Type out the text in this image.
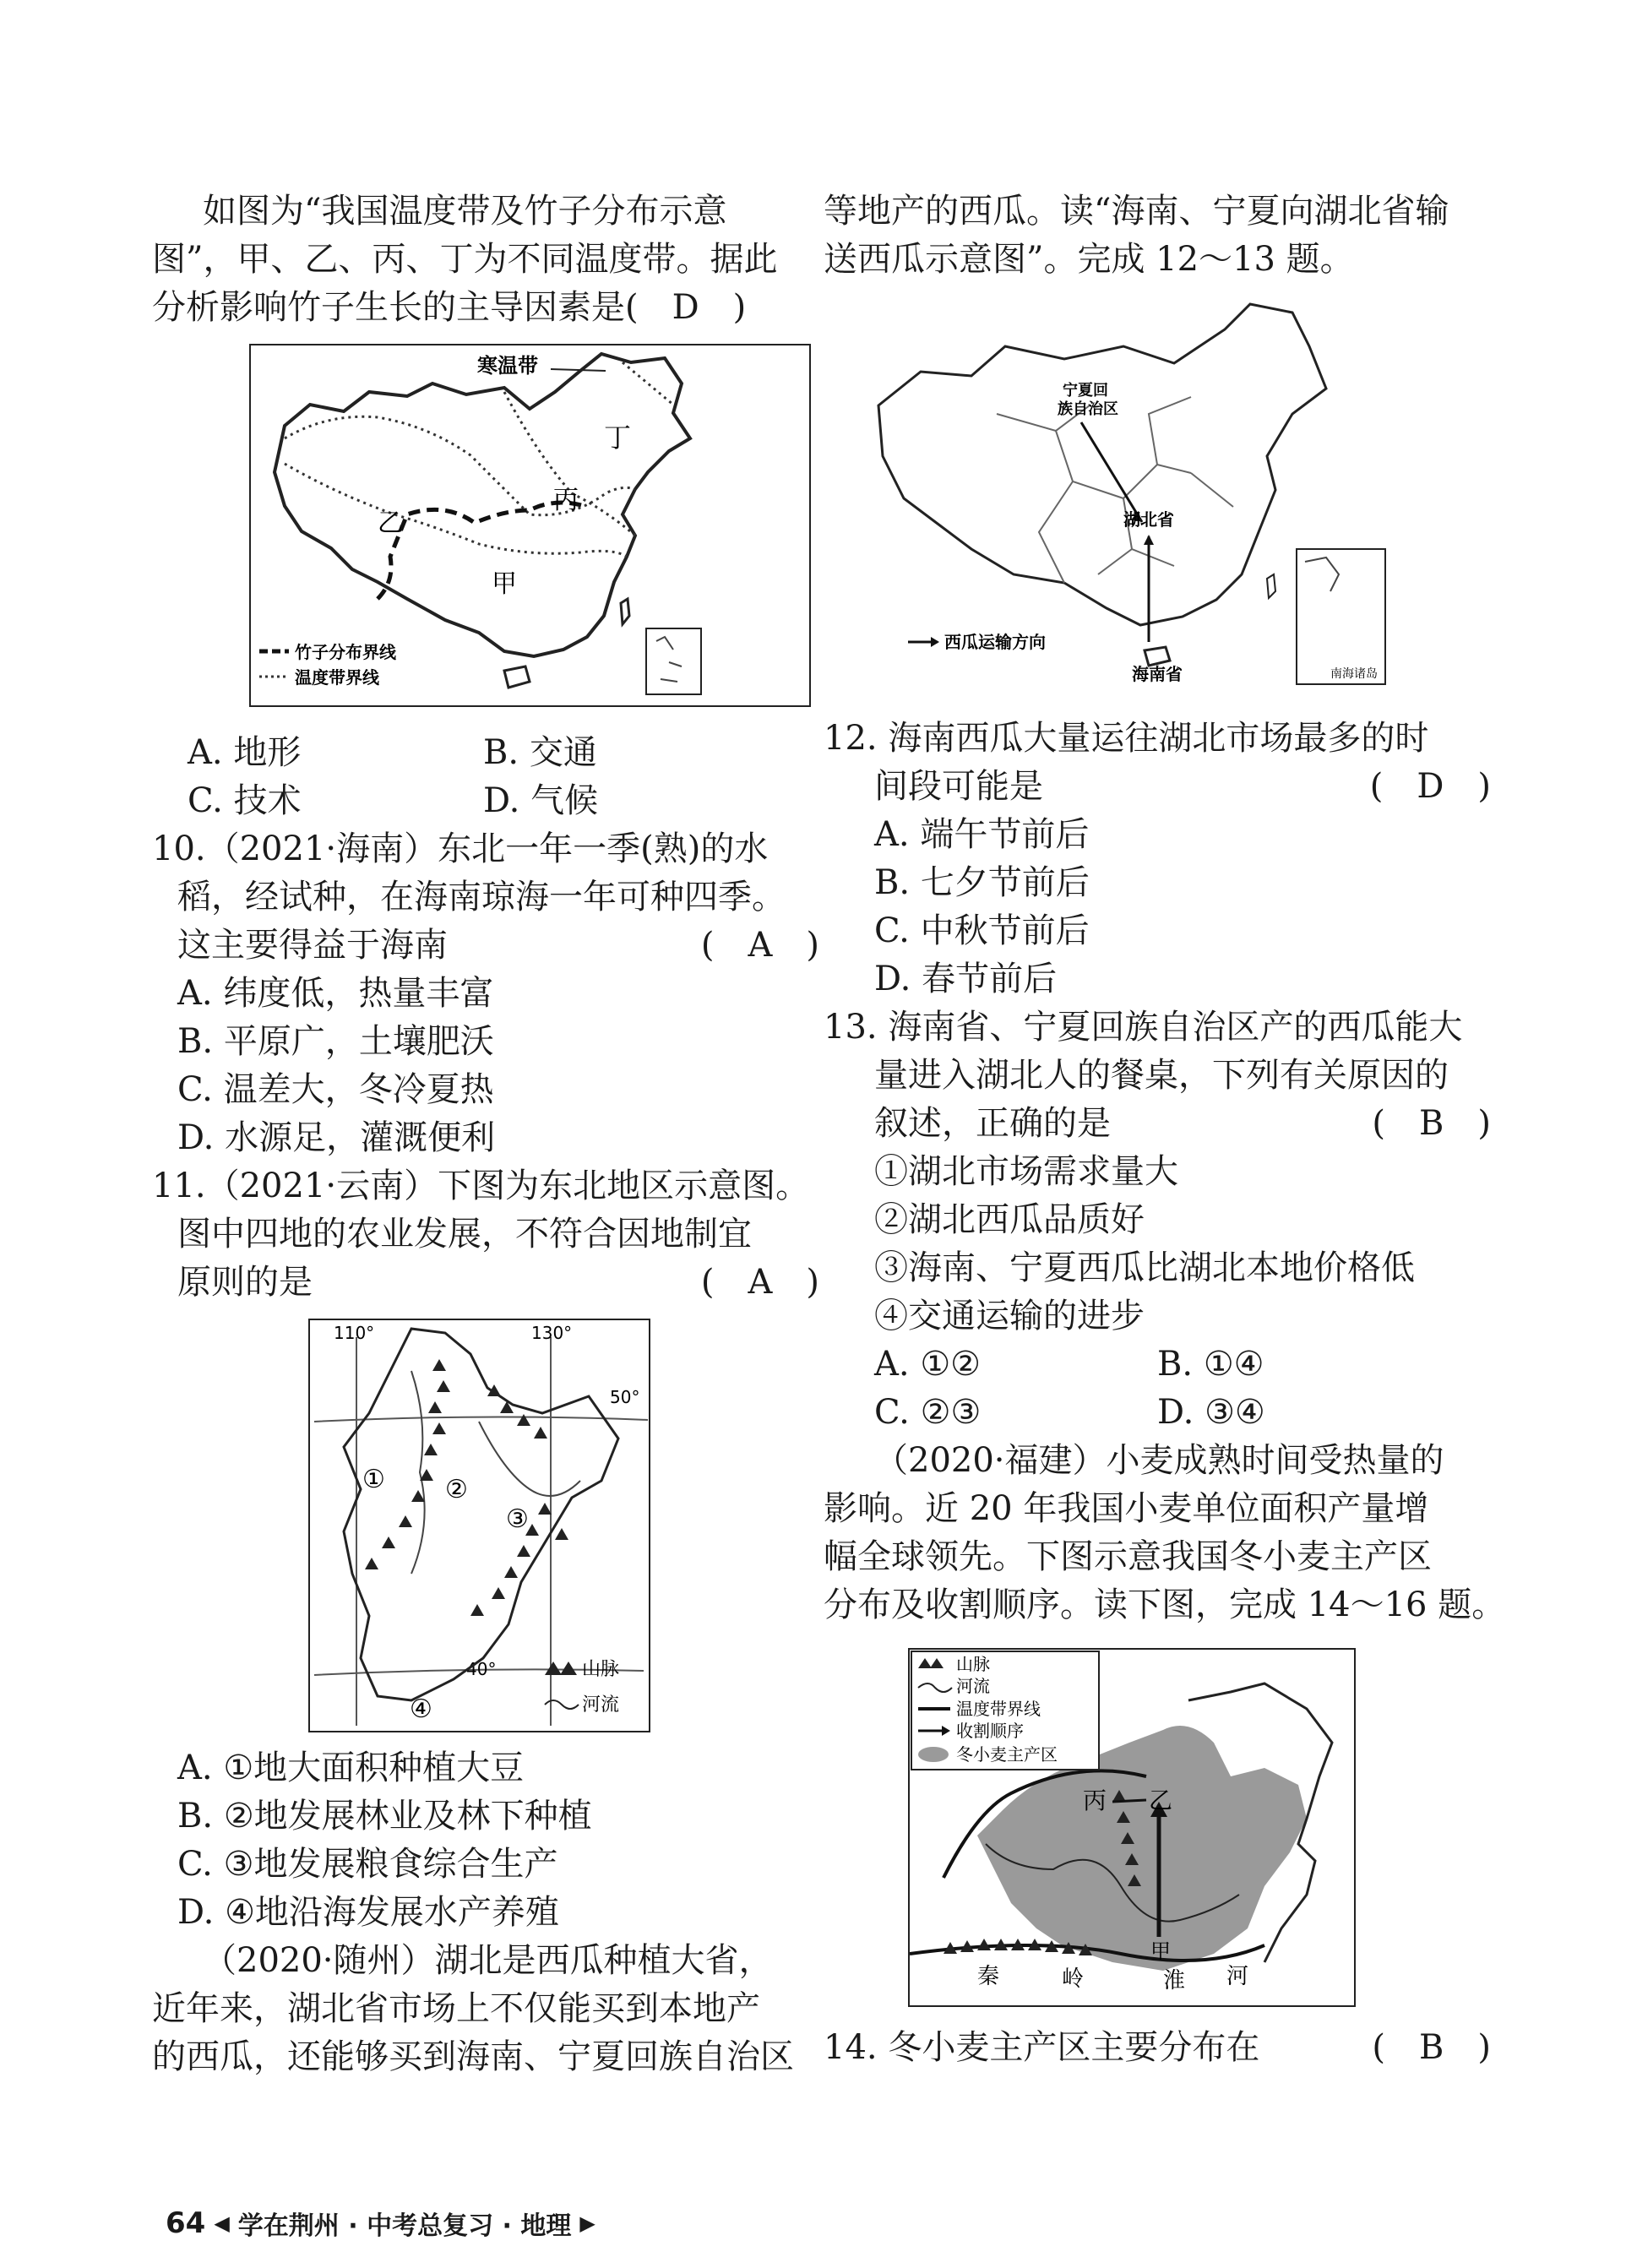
如图为“我国温度带及竹子分布示意
图”，甲、乙、丙、丁为不同温度带。据此
分析影响竹子生长的主导因素是(　D　)
寒温带
丁
丙
乙
甲
竹子分布界线
温度带界线
A. 地形	B. 交通
C. 技术	D. 气候
10.（2021·海南）东北一年一季(熟)的水
稻，经试种，在海南琼海一年可种四季。
这主要得益于海南	(　A　)
A. 纬度低，热量丰富
B. 平原广，土壤肥沃
C. 温差大，冬冷夏热
D. 水源足，灌溉便利
11.（2021·云南）下图为东北地区示意图。
图中四地的农业发展，不符合因地制宜
原则的是	(　A　)
110°	130°
50°
40°
① ②
③
④
山脉
河流
A. ①地大面积种植大豆
B. ②地发展林业及林下种植
C. ③地发展粮食综合生产
D. ④地沿海发展水产养殖
（2020·随州）湖北是西瓜种植大省，
近年来，湖北省市场上不仅能买到本地产
的西瓜，还能够买到海南、宁夏回族自治区
等地产的西瓜。读“海南、宁夏向湖北省输
送西瓜示意图”。完成 12～13 题。
宁夏回
族自治区
湖北省
海南省
西瓜运输方向
南海诸岛
12. 海南西瓜大量运往湖北市场最多的时
间段可能是	(　D　)
A. 端午节前后
B. 七夕节前后
C. 中秋节前后
D. 春节前后
13. 海南省、宁夏回族自治区产的西瓜能大
量进入湖北人的餐桌，下列有关原因的
叙述，正确的是	(　B　)
①湖北市场需求量大
②湖北西瓜品质好
③海南、宁夏西瓜比湖北本地价格低
④交通运输的进步
A. ①②	B. ①④
C. ②③	D. ③④
（2020·福建）小麦成熟时间受热量的
影响。近 20 年我国小麦单位面积产量增
幅全球领先。下图示意我国冬小麦主产区
分布及收割顺序。读下图，完成 14～16 题。
丙 乙
甲
秦	岭	淮 河
山脉
河流
温度带界线
收割顺序
冬小麦主产区
14. 冬小麦主产区主要分布在	(　B　)
64 ◀ 学在荆州 · 中考总复习 · 地理 ▶
